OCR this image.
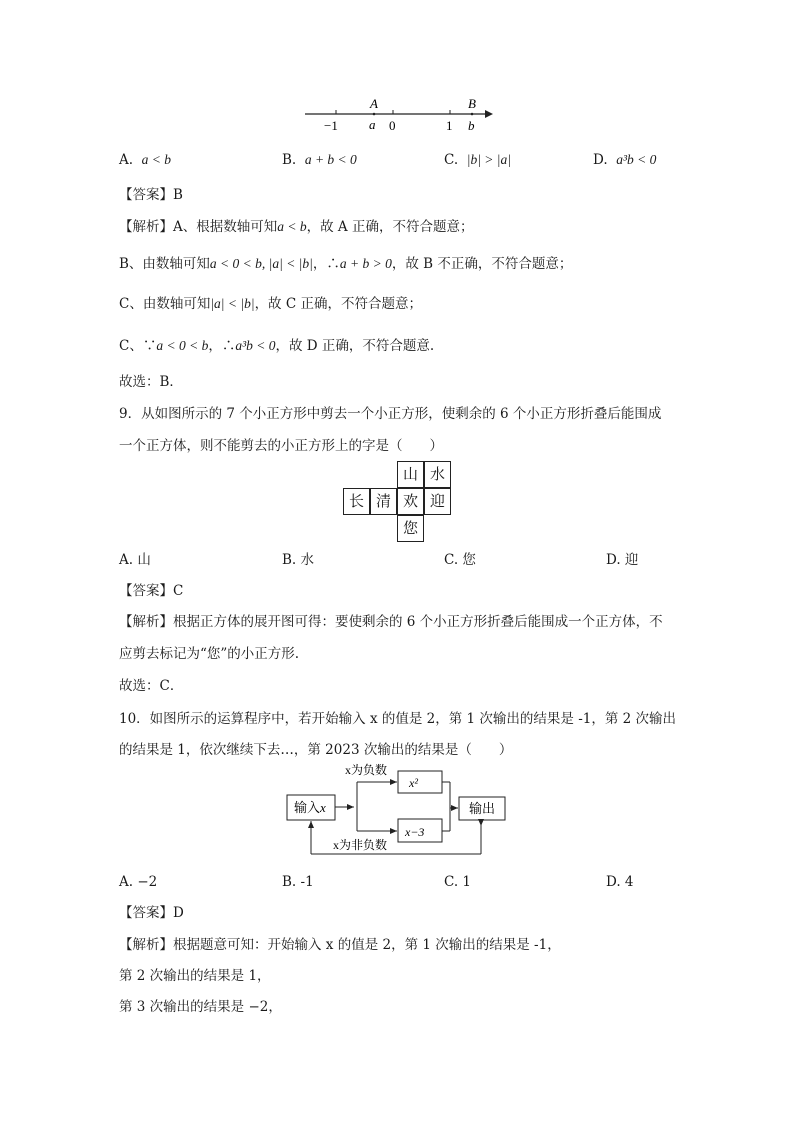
A	B
−1 a 0	1 b
A. a < b	B. a + b < 0	C. |b| > |a|	D. a³b < 0
【答案】B
【解析】A、根据数轴可知a < b，故 A 正确，不符合题意；
B、由数轴可知a < 0 < b, |a| < |b|，∴a + b > 0，故 B 不正确，不符合题意；
C、由数轴可知|a| < |b|，故 C 正确，不符合题意；
C、∵a < 0 < b，∴a³b < 0，故 D 正确，不符合题意.
故选：B．
9．从如图所示的 7 个小正方形中剪去一个小正方形，使剩余的 6 个小正方形折叠后能围成
一个正方体，则不能剪去的小正方形上的字是（　　）
山 水
长 清 欢 迎
您
A. 山	B. 水	C. 您	D. 迎
【答案】C
【解析】根据正方体的展开图可得：要使剩余的 6 个小正方形折叠后能围成一个正方体，不
应剪去标记为“您”的小正方形.
故选：C．
10．如图所示的运算程序中，若开始输入 x 的值是 2，第 1 次输出的结果是 -1，第 2 次输出
的结果是 1，依次继续下去…，第 2023 次输出的结果是（　　）
输入x
x²
x−3
输出
x为负数
x为非负数
A. −2	B. -1	C. 1	D. 4
【答案】D
【解析】根据题意可知：开始输入 x 的值是 2，第 1 次输出的结果是 -1，
第 2 次输出的结果是 1，
第 3 次输出的结果是 −2，
